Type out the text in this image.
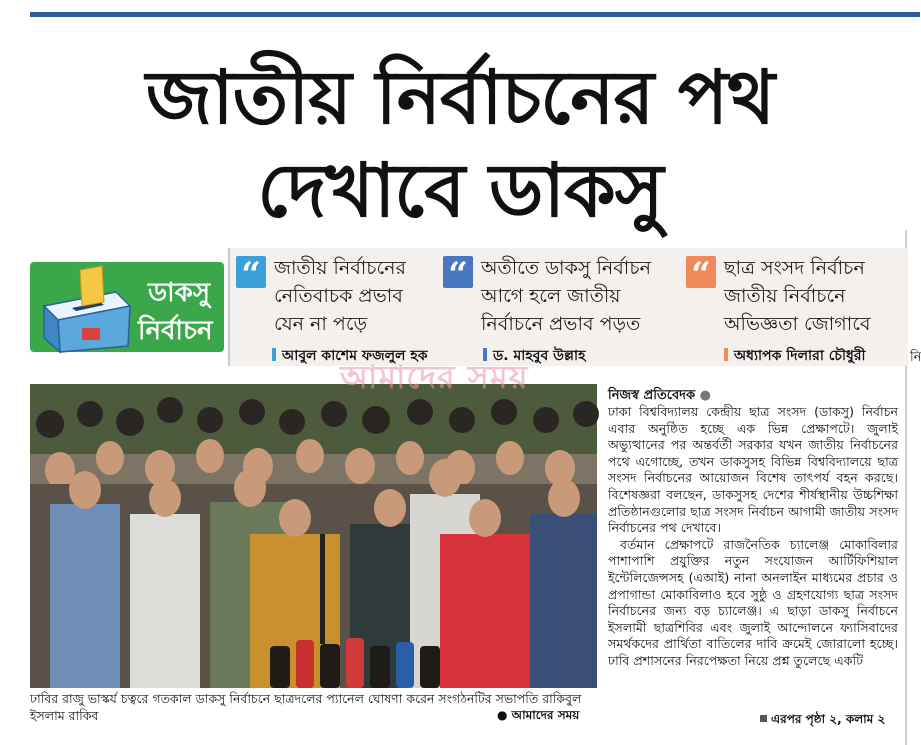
জাতীয় নির্বাচনের পথ
দেখাবে ডাকসু
ডাকসু
নির্বাচন
“ জাতীয় নির্বাচনের
নেতিবাচক প্রভাব
যেন না পড়ে
আবুল কাশেম ফজলুল হক
“ অতীতে ডাকসু নির্বাচন
আগে হলে জাতীয়
নির্বাচনে প্রভাব পড়ত
ড. মাহবুব উল্লাহ
“ ছাত্র সংসদ নির্বাচন
জাতীয় নির্বাচনে
অভিজ্ঞতা জোগাবে
অধ্যাপক দিলারা চৌধুরী
আমাদের সময়
ঢাবির রাজু ভাস্কর্য চত্বরে গতকাল ডাকসু নির্বাচনে ছাত্রদলের প্যানেল ঘোষণা করেন সংগঠনটির সভাপতি রাকিবুল ইসলাম রাকিব	● আমাদের সময়
নিজস্ব প্রতিবেদক ●

ঢাকা বিশ্ববিদ্যালয় কেন্দ্রীয় ছাত্র সংসদ (ডাকসু) নির্বাচন এবার অনুষ্ঠিত হচ্ছে এক ভিন্ন প্রেক্ষাপটে। জুলাই অভ্যুত্থানের পর অন্তর্বর্তী সরকার যখন জাতীয় নির্বাচনের পথে এগোচ্ছে, তখন ডাকসুসহ বিভিন্ন বিশ্ববিদ্যালয়ে ছাত্র সংসদ নির্বাচনের আয়োজন বিশেষ তাৎপর্য বহন করছে। বিশেষজ্ঞরা বলছেন, ডাকসুসহ দেশের শীর্ষস্থানীয় উচ্চশিক্ষা প্রতিষ্ঠানগুলোর ছাত্র সংসদ নির্বাচন আগামী জাতীয় সংসদ নির্বাচনের পথ দেখাবে।

বর্তমান প্রেক্ষাপটে রাজনৈতিক চ্যালেঞ্জ মোকাবিলার পাশাপাশি প্রযুক্তির নতুন সংযোজন আর্টিফিশিয়াল ইন্টেলিজেন্সসহ (এআই) নানা অনলাইন মাধ্যমের প্রচার ও প্রপাগান্ডা মোকাবিলাও হবে সুষ্ঠু ও গ্রহণযোগ্য ছাত্র সংসদ নির্বাচনের জন্য বড় চ্যালেঞ্জ। এ ছাড়া ডাকসু নির্বাচনে ইসলামী ছাত্রশিবির এবং জুলাই আন্দোলনে ফ্যাসিবাদের সমর্থকদের প্রার্থিতা বাতিলের দাবি ক্রমেই জোরালো হচ্ছে। ঢাবি প্রশাসনের নিরপেক্ষতা নিয়ে প্রশ্ন তুলেছে একটি

এরপর পৃষ্ঠা ২, কলাম ২
নি
